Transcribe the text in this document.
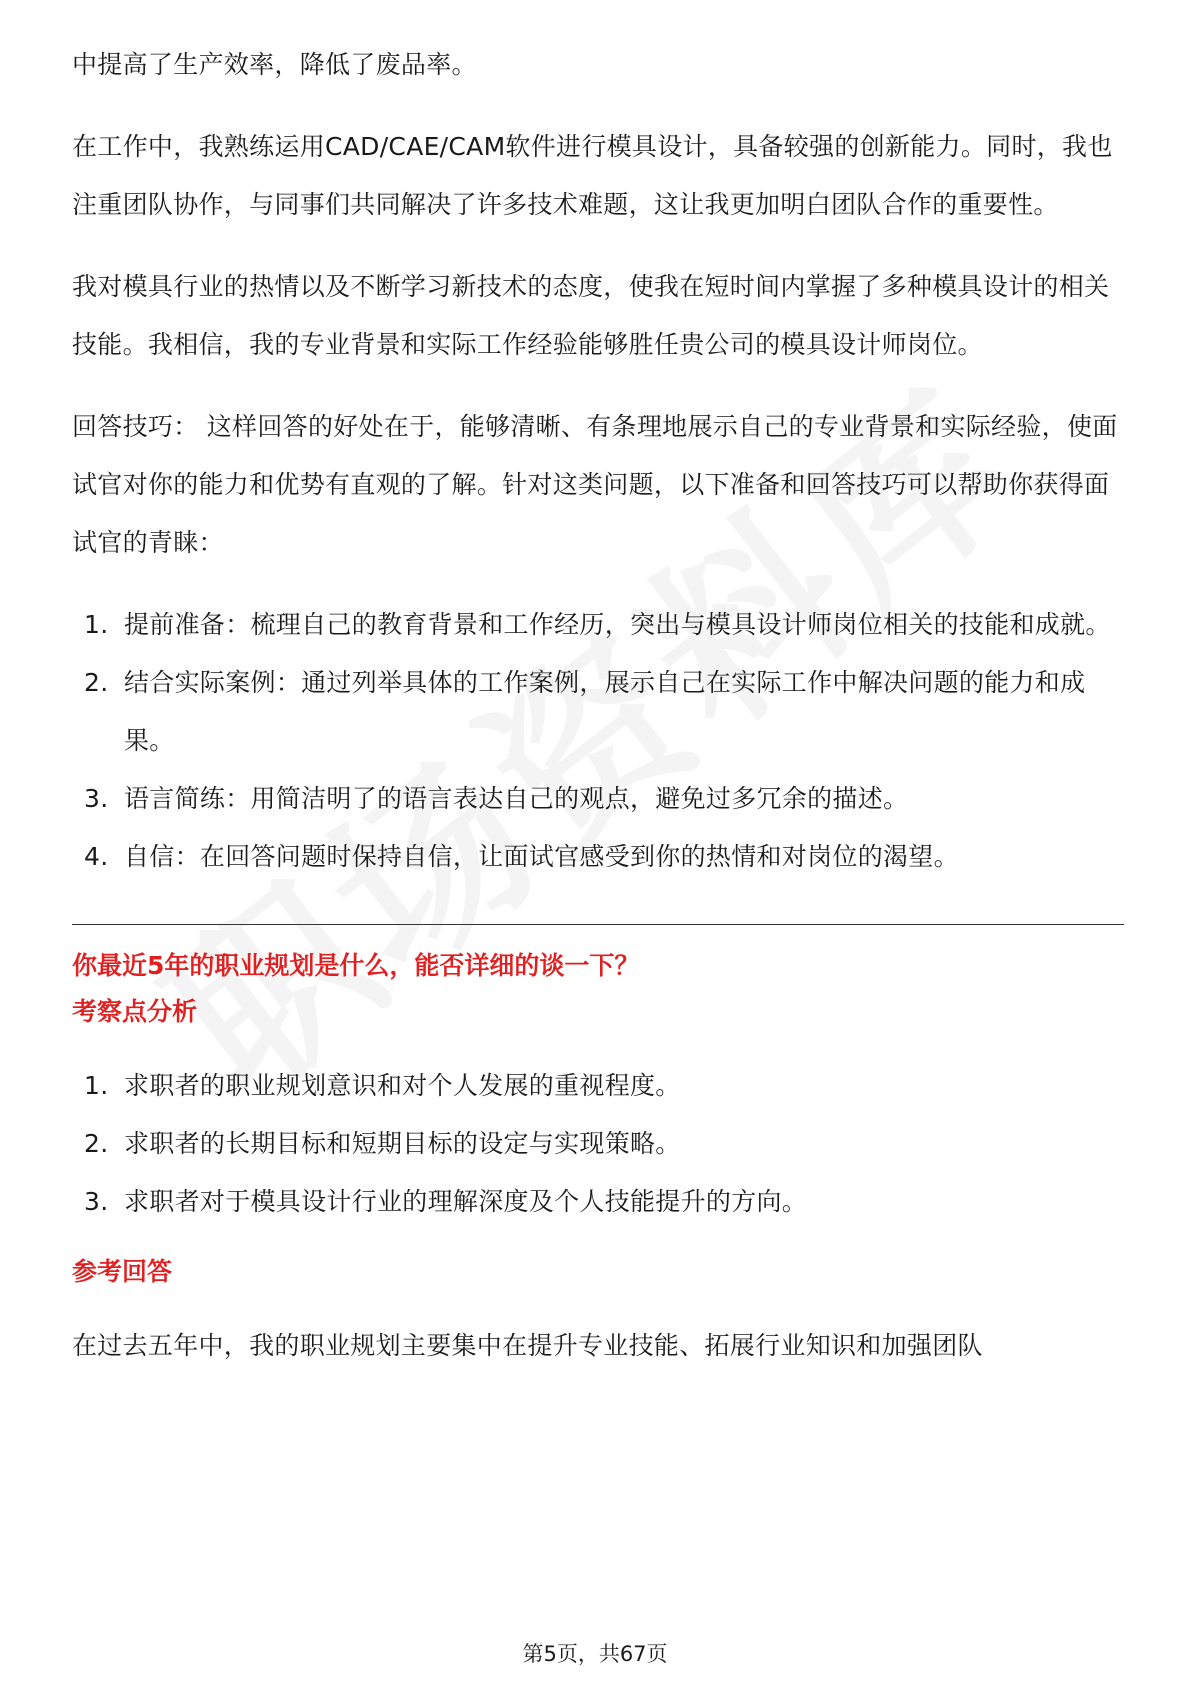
中提高了生产效率，降低了废品率。

在工作中，我熟练运用CAD/CAE/CAM软件进行模具设计，具备较强的创新能力。同时，我也注重团队协作，与同事们共同解决了许多技术难题，这让我更加明白团队合作的重要性。

我对模具行业的热情以及不断学习新技术的态度，使我在短时间内掌握了多种模具设计的相关技能。我相信，我的专业背景和实际工作经验能够胜任贵公司的模具设计师岗位。

回答技巧： 这样回答的好处在于，能够清晰、有条理地展示自己的专业背景和实际经验，使面试官对你的能力和优势有直观的了解。针对这类问题，以下准备和回答技巧可以帮助你获得面试官的青睐：

1. 提前准备：梳理自己的教育背景和工作经历，突出与模具设计师岗位相关的技能和成就。
2. 结合实际案例：通过列举具体的工作案例，展示自己在实际工作中解决问题的能力和成果。
3. 语言简练：用简洁明了的语言表达自己的观点，避免过多冗余的描述。
4. 自信：在回答问题时保持自信，让面试官感受到你的热情和对岗位的渴望。

你最近5年的职业规划是什么，能否详细的谈一下？

考察点分析

1. 求职者的职业规划意识和对个人发展的重视程度。
2. 求职者的长期目标和短期目标的设定与实现策略。
3. 求职者对于模具设计行业的理解深度及个人技能提升的方向。

参考回答

在过去五年中，我的职业规划主要集中在提升专业技能、拓展行业知识和加强团队

第5页，共67页
